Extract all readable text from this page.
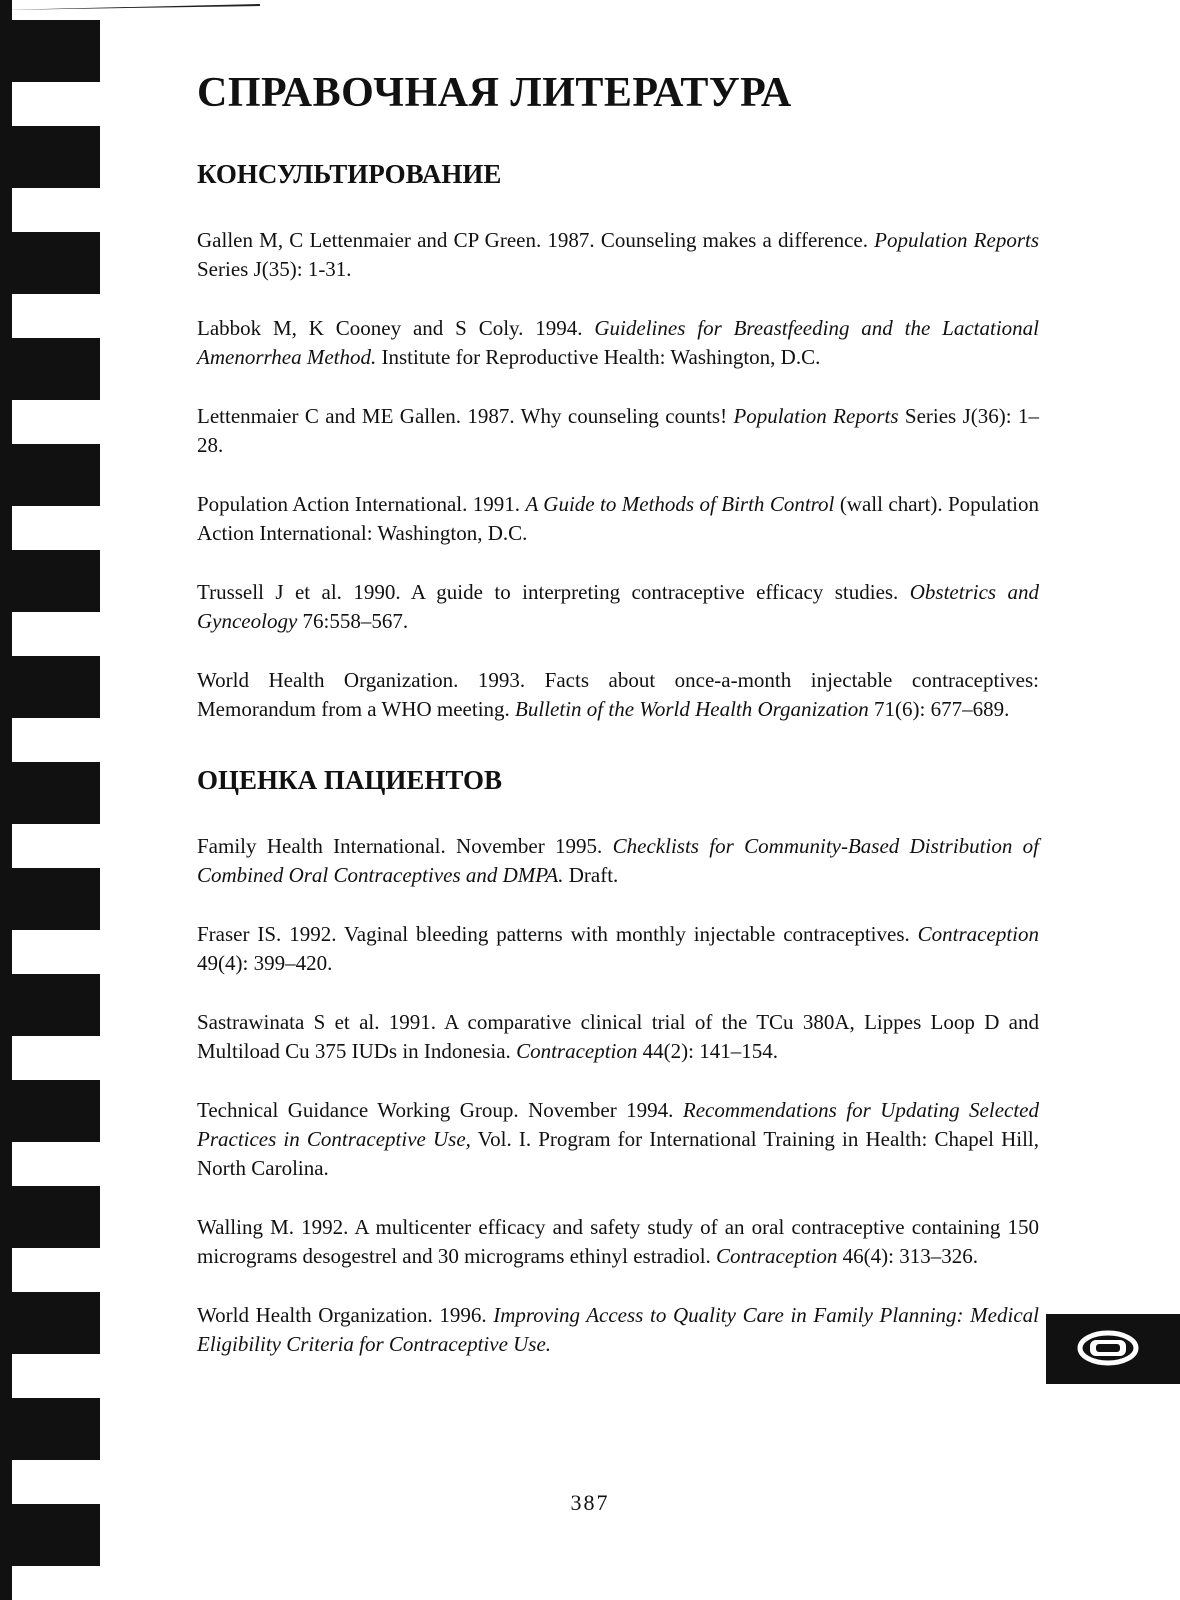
СПРАВОЧНАЯ ЛИТЕРАТУРА
КОНСУЛЬТИРОВАНИЕ

Gallen M, C Lettenmaier and CP Green. 1987. Counseling makes a difference. Population Reports Series J(35): 1-31.

Labbok M, K Cooney and S Coly. 1994. Guidelines for Breastfeeding and the Lactational Amenorrhea Method. Institute for Reproductive Health: Washington, D.C.

Lettenmaier C and ME Gallen. 1987. Why counseling counts! Population Reports Series J(36): 1–28.

Population Action International. 1991. A Guide to Methods of Birth Control (wall chart). Population Action International: Washington, D.C.

Trussell J et al. 1990. A guide to interpreting contraceptive efficacy studies. Obstetrics and Gynceology 76:558–567.

World Health Organization. 1993. Facts about once-a-month injectable contraceptives: Memorandum from a WHO meeting. Bulletin of the World Health Organization 71(6): 677–689.

ОЦЕНКА ПАЦИЕНТОВ

Family Health International. November 1995. Checklists for Community-Based Distribution of Combined Oral Contraceptives and DMPA. Draft.

Fraser IS. 1992. Vaginal bleeding patterns with monthly injectable contraceptives. Contraception 49(4): 399–420.

Sastrawinata S et al. 1991. A comparative clinical trial of the TCu 380A, Lippes Loop D and Multiload Cu 375 IUDs in Indonesia. Contraception 44(2): 141–154.

Technical Guidance Working Group. November 1994. Recommendations for Updating Selected Practices in Contraceptive Use, Vol. I. Program for International Training in Health: Chapel Hill, North Carolina.

Walling M. 1992. A multicenter efficacy and safety study of an oral contraceptive containing 150 micrograms desogestrel and 30 micrograms ethinyl estradiol. Contraception 46(4): 313–326.

World Health Organization. 1996. Improving Access to Quality Care in Family Planning: Medical Eligibility Criteria for Contraceptive Use.

387
